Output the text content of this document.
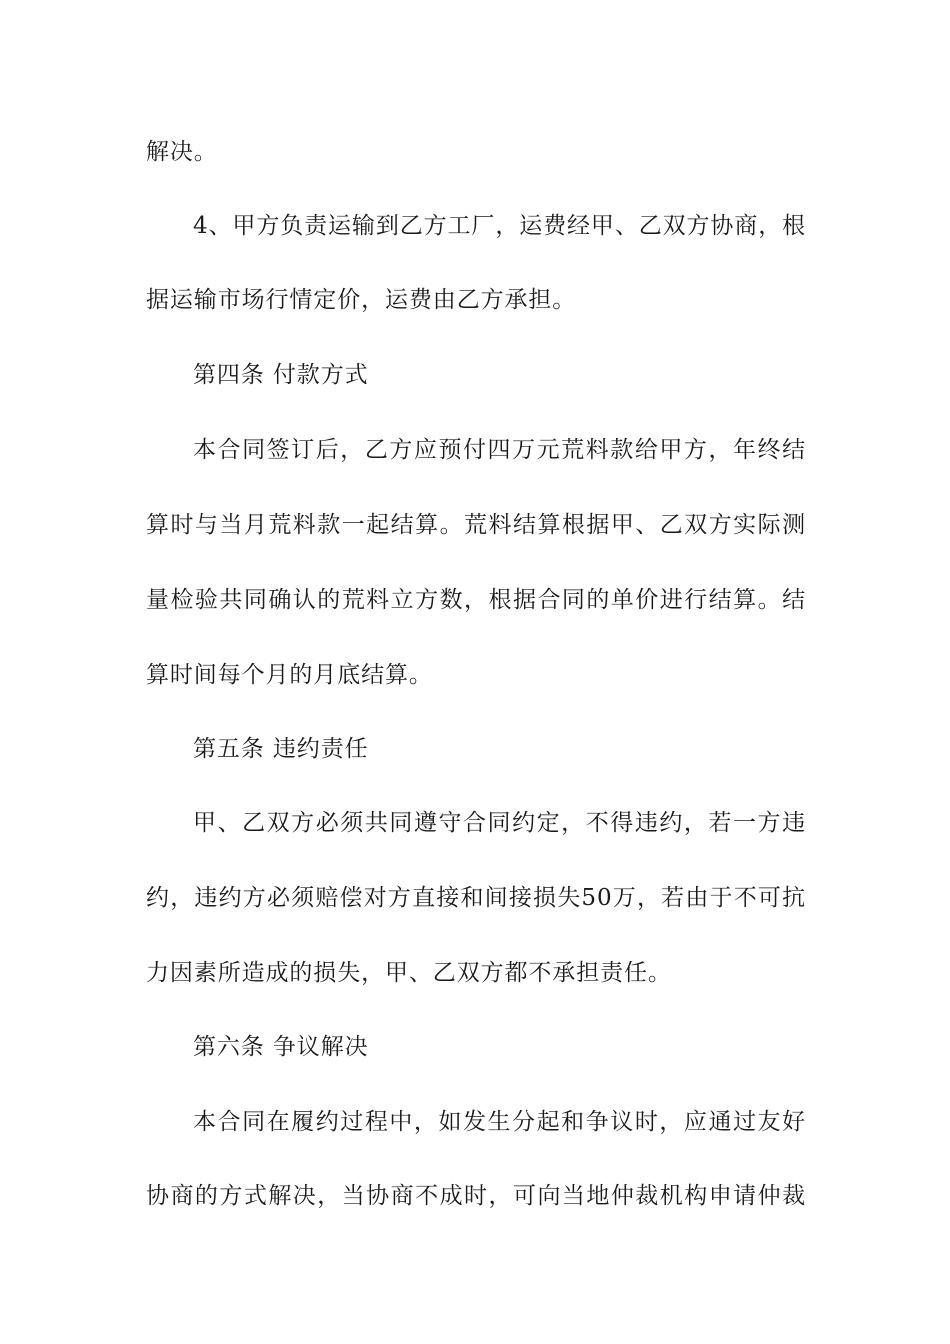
解决。
4、甲方负责运输到乙方工厂，运费经甲、乙双方协商，根
据运输市场行情定价，运费由乙方承担。
第四条 付款方式
本合同签订后，乙方应预付四万元荒料款给甲方，年终结
算时与当月荒料款一起结算。荒料结算根据甲、乙双方实际测
量检验共同确认的荒料立方数，根据合同的单价进行结算。结
算时间每个月的月底结算。
第五条 违约责任
甲、乙双方必须共同遵守合同约定，不得违约，若一方违
约，违约方必须赔偿对方直接和间接损失50万，若由于不可抗
力因素所造成的损失，甲、乙双方都不承担责任。
第六条 争议解决
本合同在履约过程中，如发生分起和争议时，应通过友好
协商的方式解决，当协商不成时，可向当地仲裁机构申请仲裁
